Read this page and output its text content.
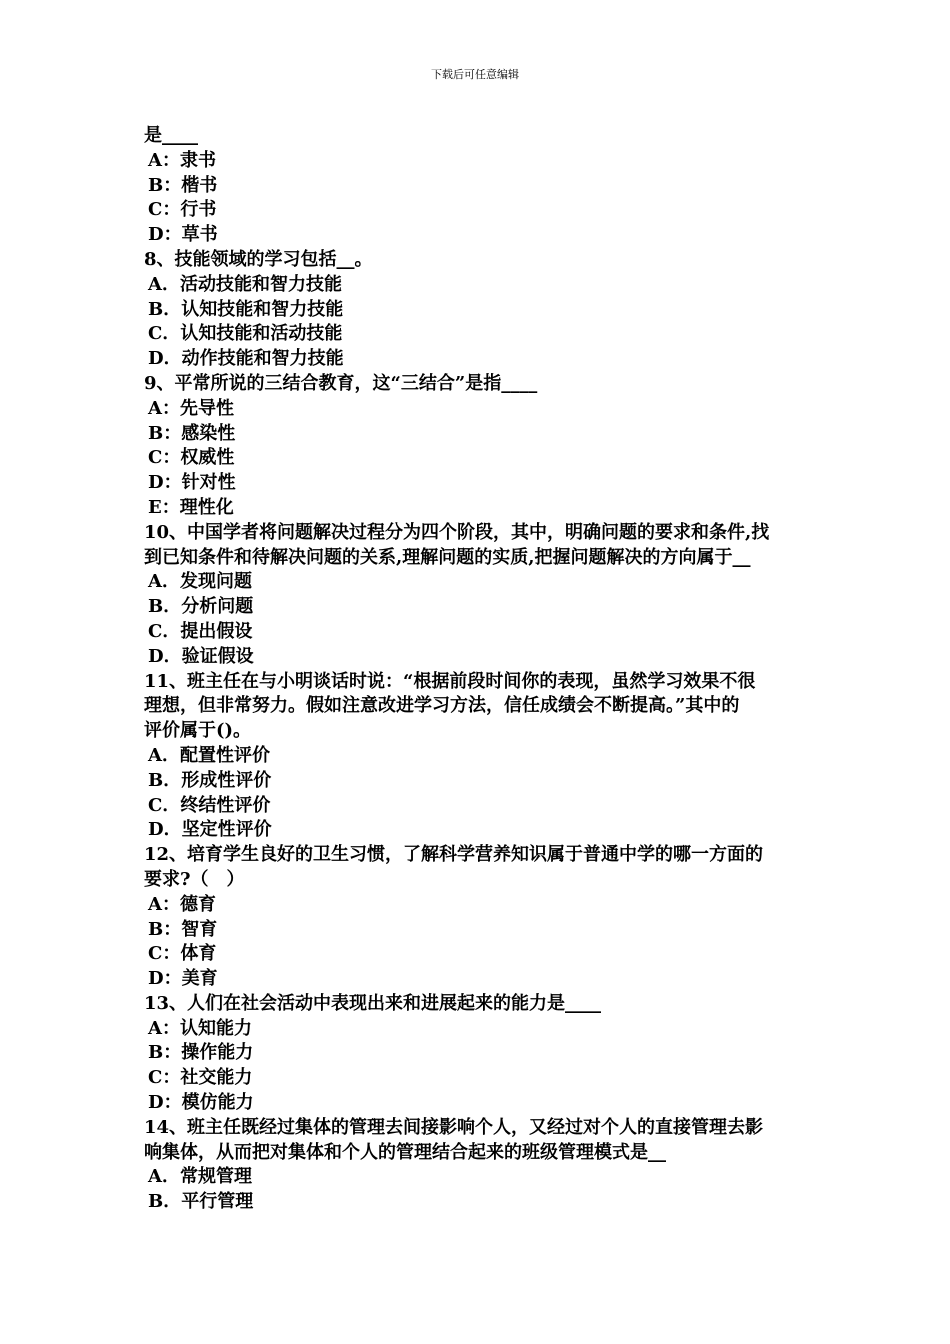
下载后可任意编辑

是____

A：隶书

B：楷书

C：行书

D：草书

8、技能领域的学习包括__。

A．活动技能和智力技能

B．认知技能和智力技能

C．认知技能和活动技能

D．动作技能和智力技能

9、平常所说的三结合教育，这“三结合”是指____

A：先导性

B：感染性

C：权威性

D：针对性

E：理性化

10、中国学者将问题解决过程分为四个阶段，其中，明确问题的要求和条件,找

到已知条件和待解决问题的关系,理解问题的实质,把握问题解决的方向属于__

A．发现问题

B．分析问题

C．提出假设

D．验证假设

11、班主任在与小明谈话时说：“根据前段时间你的表现，虽然学习效果不很

理想，但非常努力。假如注意改进学习方法，信任成绩会不断提高。”其中的

评价属于()。

A．配置性评价

B．形成性评价

C．终结性评价

D．坚定性评价

12、培育学生良好的卫生习惯，了解科学营养知识属于普通中学的哪一方面的

要求?（　）

A：德育

B：智育

C：体育

D：美育

13、人们在社会活动中表现出来和进展起来的能力是____

A：认知能力

B：操作能力

C：社交能力

D：模仿能力

14、班主任既经过集体的管理去间接影响个人，又经过对个人的直接管理去影

响集体，从而把对集体和个人的管理结合起来的班级管理模式是__

A．常规管理

B．平行管理
